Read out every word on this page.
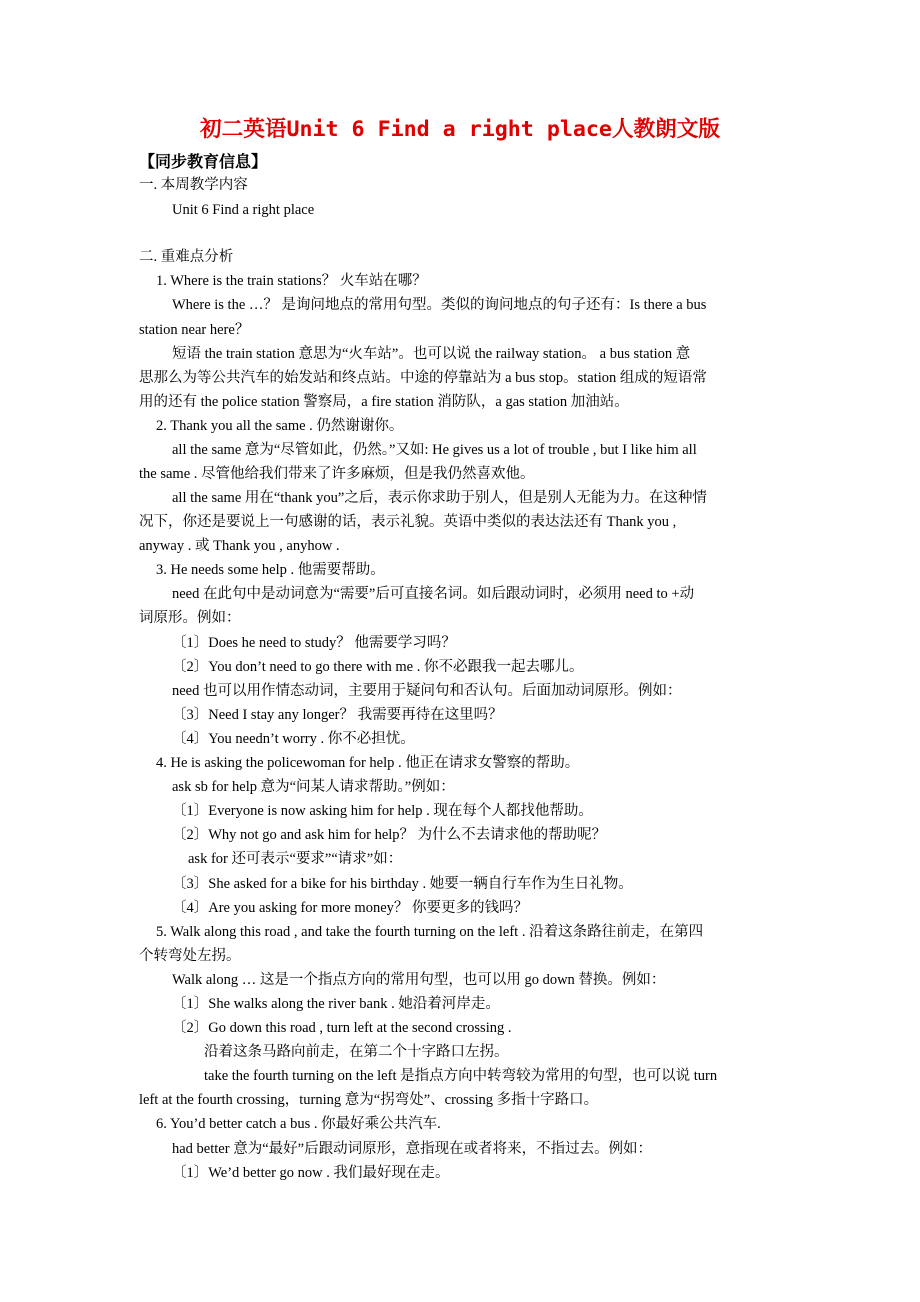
初二英语Unit 6 Find a right place人教朗文版
【同步教育信息】
一. 本周教学内容
Unit 6 Find a right place
二. 重难点分析
1. Where is the train stations？ 火车站在哪？
Where is the …？ 是询问地点的常用句型。类似的询问地点的句子还有：Is there a bus
station near here？
短语 the train station 意思为“火车站”。也可以说 the railway station。 a bus station 意
思那么为等公共汽车的始发站和终点站。中途的停靠站为 a bus stop。station 组成的短语常
用的还有 the police station 警察局，a fire station 消防队，a gas station 加油站。
2. Thank you all the same . 仍然谢谢你。
all the same 意为“尽管如此，仍然。”又如: He gives us a lot of trouble , but I like him all
the same . 尽管他给我们带来了许多麻烦，但是我仍然喜欢他。
all the same 用在“thank you”之后，表示你求助于别人，但是别人无能为力。在这种情
况下，你还是要说上一句感谢的话，表示礼貌。英语中类似的表达法还有 Thank you ,
anyway . 或 Thank you , anyhow .
3. He needs some help . 他需要帮助。
need 在此句中是动词意为“需要”后可直接名词。如后跟动词时，必须用 need to +动
词原形。例如：
〔1〕Does he need to study？ 他需要学习吗？
〔2〕You don’t need to go there with me . 你不必跟我一起去哪儿。
need 也可以用作情态动词，主要用于疑问句和否认句。后面加动词原形。例如：
〔3〕Need I stay any longer？ 我需要再待在这里吗？
〔4〕You needn’t worry . 你不必担忧。
4. He is asking the policewoman for help . 他正在请求女警察的帮助。
ask sb for help 意为“问某人请求帮助。”例如：
〔1〕Everyone is now asking him for help . 现在每个人都找他帮助。
〔2〕Why not go and ask him for help？ 为什么不去请求他的帮助呢？
ask for 还可表示“要求”“请求”如：
〔3〕She asked for a bike for his birthday . 她要一辆自行车作为生日礼物。
〔4〕Are you asking for more money？ 你要更多的钱吗？
5. Walk along this road , and take the fourth turning on the left . 沿着这条路往前走，在第四
个转弯处左拐。
Walk along … 这是一个指点方向的常用句型，也可以用 go down 替换。例如：
〔1〕She walks along the river bank . 她沿着河岸走。
〔2〕Go down this road , turn left at the second crossing .
沿着这条马路向前走，在第二个十字路口左拐。
take the fourth turning on the left 是指点方向中转弯较为常用的句型，也可以说 turn
left at the fourth crossing，turning 意为“拐弯处”、crossing 多指十字路口。
6. You’d better catch a bus . 你最好乘公共汽车.
had better 意为“最好”后跟动词原形，意指现在或者将来，不指过去。例如：
〔1〕We’d better go now . 我们最好现在走。
